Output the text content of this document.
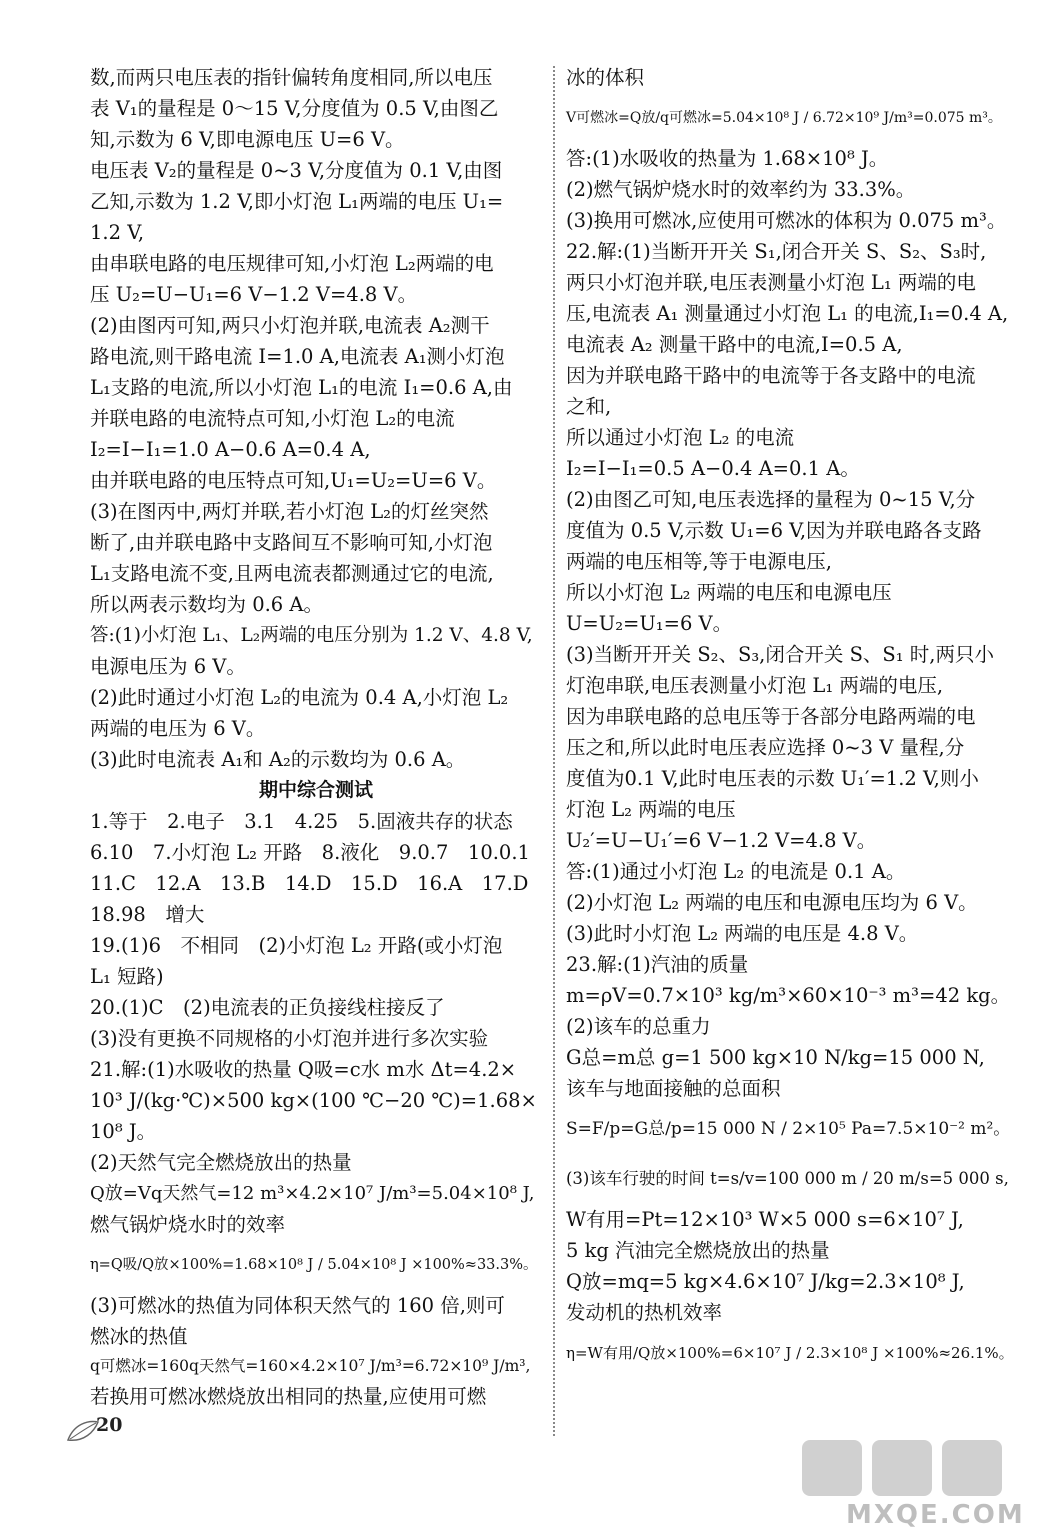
数,而两只电压表的指针偏转角度相同,所以电压
表 V₁的量程是 0～15 V,分度值为 0.5 V,由图乙
知,示数为 6 V,即电源电压 U=6 V。
电压表 V₂的量程是 0~3 V,分度值为 0.1 V,由图
乙知,示数为 1.2 V,即小灯泡 L₁两端的电压 U₁=
1.2 V,
由串联电路的电压规律可知,小灯泡 L₂两端的电
压 U₂=U−U₁=6 V−1.2 V=4.8 V。
(2)由图丙可知,两只小灯泡并联,电流表 A₂测干
路电流,则干路电流 I=1.0 A,电流表 A₁测小灯泡
L₁支路的电流,所以小灯泡 L₁的电流 I₁=0.6 A,由
并联电路的电流特点可知,小灯泡 L₂的电流
I₂=I−I₁=1.0 A−0.6 A=0.4 A,
由并联电路的电压特点可知,U₁=U₂=U=6 V。
(3)在图丙中,两灯并联,若小灯泡 L₂的灯丝突然
断了,由并联电路中支路间互不影响可知,小灯泡
L₁支路电流不变,且两电流表都测通过它的电流,
所以两表示数均为 0.6 A。
答:(1)小灯泡 L₁、L₂两端的电压分别为 1.2 V、4.8 V,
电源电压为 6 V。
(2)此时通过小灯泡 L₂的电流为 0.4 A,小灯泡 L₂
两端的电压为 6 V。
(3)此时电流表 A₁和 A₂的示数均为 0.6 A。
期中综合测试
1.等于　2.电子　3.1　4.25　5.固液共存的状态
6.10　7.小灯泡 L₂ 开路　8.液化　9.0.7　10.0.1
11.C　12.A　13.B　14.D　15.D　16.A　17.D
18.98　增大
19.(1)6　不相同　(2)小灯泡 L₂ 开路(或小灯泡
L₁ 短路)
20.(1)C　(2)电流表的正负接线柱接反了
(3)没有更换不同规格的小灯泡并进行多次实验
21.解:(1)水吸收的热量 Q吸=c水 m水 Δt=4.2×
10³ J/(kg·℃)×500 kg×(100 ℃−20 ℃)=1.68×
10⁸ J。
(2)天然气完全燃烧放出的热量
Q放=Vq天然气=12 m³×4.2×10⁷ J/m³=5.04×10⁸ J,
燃气锅炉烧水时的效率
η=Q吸/Q放×100%=1.68×10⁸ J / 5.04×10⁸ J ×100%≈33.3%。
(3)可燃冰的热值为同体积天然气的 160 倍,则可
燃冰的热值
q可燃冰=160q天然气=160×4.2×10⁷ J/m³=6.72×10⁹ J/m³,
若换用可燃冰燃烧放出相同的热量,应使用可燃
冰的体积
V可燃冰=Q放/q可燃冰=5.04×10⁸ J / 6.72×10⁹ J/m³=0.075 m³。
答:(1)水吸收的热量为 1.68×10⁸ J。
(2)燃气锅炉烧水时的效率约为 33.3%。
(3)换用可燃冰,应使用可燃冰的体积为 0.075 m³。
22.解:(1)当断开开关 S₁,闭合开关 S、S₂、S₃时,
两只小灯泡并联,电压表测量小灯泡 L₁ 两端的电
压,电流表 A₁ 测量通过小灯泡 L₁ 的电流,I₁=0.4 A,
电流表 A₂ 测量干路中的电流,I=0.5 A,
因为并联电路干路中的电流等于各支路中的电流
之和,
所以通过小灯泡 L₂ 的电流
I₂=I−I₁=0.5 A−0.4 A=0.1 A。
(2)由图乙可知,电压表选择的量程为 0~15 V,分
度值为 0.5 V,示数 U₁=6 V,因为并联电路各支路
两端的电压相等,等于电源电压,
所以小灯泡 L₂ 两端的电压和电源电压
U=U₂=U₁=6 V。
(3)当断开开关 S₂、S₃,闭合开关 S、S₁ 时,两只小
灯泡串联,电压表测量小灯泡 L₁ 两端的电压,
因为串联电路的总电压等于各部分电路两端的电
压之和,所以此时电压表应选择 0~3 V 量程,分
度值为0.1 V,此时电压表的示数 U₁′=1.2 V,则小
灯泡 L₂ 两端的电压
U₂′=U−U₁′=6 V−1.2 V=4.8 V。
答:(1)通过小灯泡 L₂ 的电流是 0.1 A。
(2)小灯泡 L₂ 两端的电压和电源电压均为 6 V。
(3)此时小灯泡 L₂ 两端的电压是 4.8 V。
23.解:(1)汽油的质量
m=ρV=0.7×10³ kg/m³×60×10⁻³ m³=42 kg。
(2)该车的总重力
G总=m总 g=1 500 kg×10 N/kg=15 000 N,
该车与地面接触的总面积
S=F/p=G总/p=15 000 N / 2×10⁵ Pa=7.5×10⁻² m²。
(3)该车行驶的时间 t=s/v=100 000 m / 20 m/s=5 000 s,
W有用=Pt=12×10³ W×5 000 s=6×10⁷ J,
5 kg 汽油完全燃烧放出的热量
Q放=mq=5 kg×4.6×10⁷ J/kg=2.3×10⁸ J,
发动机的热机效率
η=W有用/Q放×100%=6×10⁷ J / 2.3×10⁸ J ×100%≈26.1%。
20
MXQE.COM
